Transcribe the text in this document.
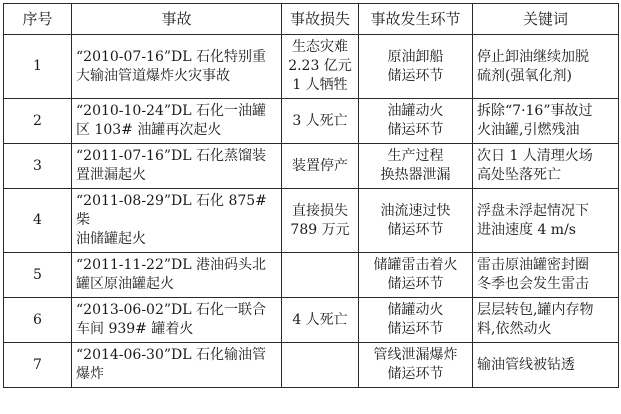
序号	事故	事故损失	事故发生环节	关键词
1	“2010-07-16”DL 石化特别重
大输油管道爆炸火灾事故	生态灾难
2.23 亿元
1 人牺牲	原油卸船
储运环节	停止卸油继续加脱
硫剂(强氧化剂)

2	“2010-10-24”DL 石化一油罐
区 103# 油罐再次起火	3 人死亡	油罐动火
储运环节	拆除“7·16”事故过
火油罐,引燃残油

3	“2011-07-16”DL 石化蒸馏装
置泄漏起火	装置停产	生产过程
换热器泄漏	次日 1 人清理火场
高处坠落死亡

4	“2011-08-29”DL 石化 875# 柴
油储罐起火	直接损失
789 万元	油流速过快
储运环节	浮盘未浮起情况下
进油速度 4 m/s

5	“2011-11-22”DL 港油码头北
罐区原油罐起火		储罐雷击着火
储运环节	雷击原油罐密封圈
冬季也会发生雷击

6	“2013-06-02”DL 石化一联合
车间 939# 罐着火	4 人死亡	储罐动火
储运环节	层层转包,罐内存物
料,依然动火

7	“2014-06-30”DL 石化输油管
爆炸		管线泄漏爆炸
储运环节	输油管线被钻透
